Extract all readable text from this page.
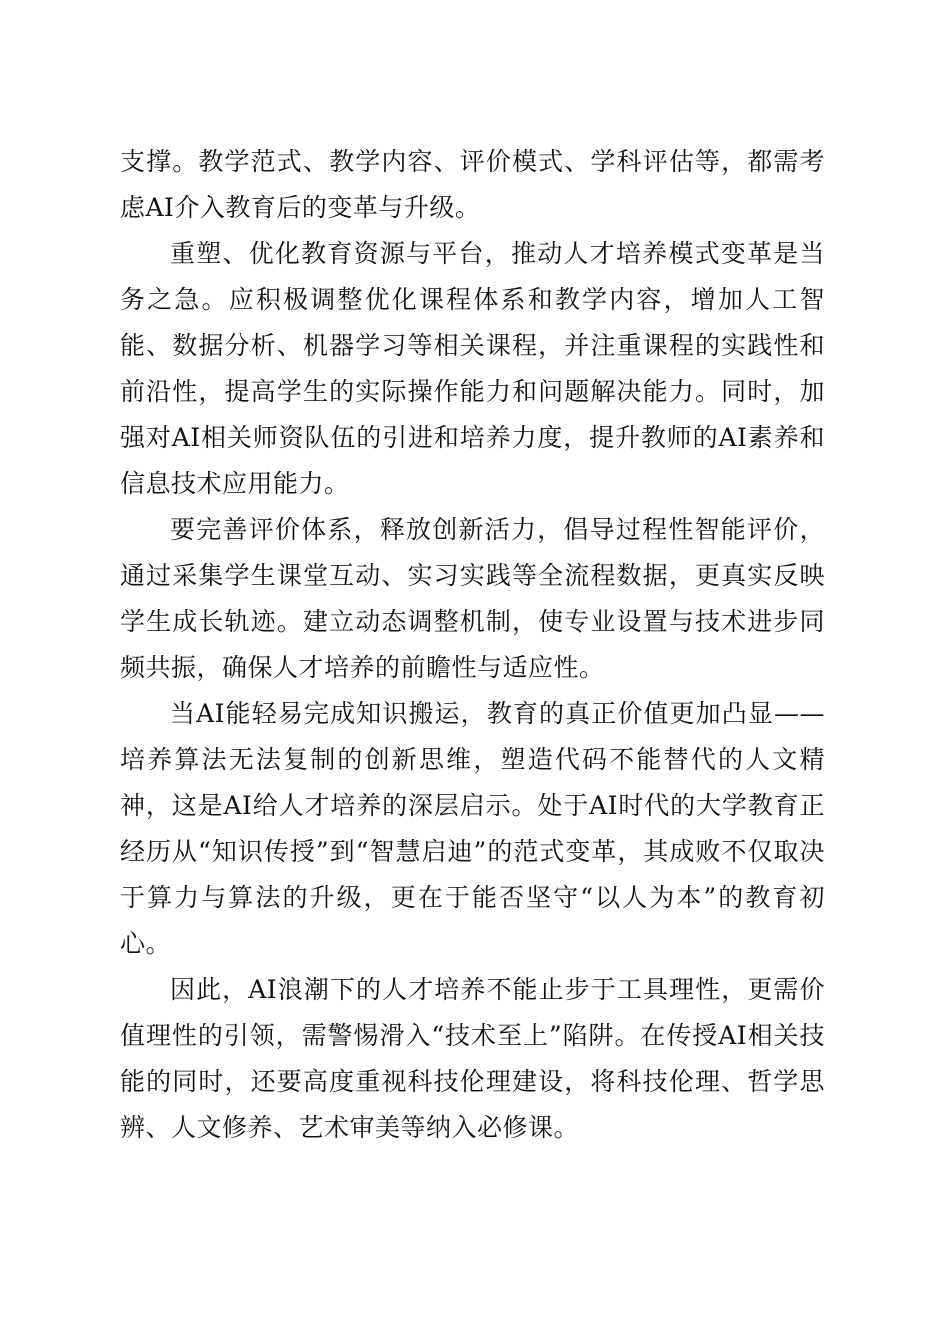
支撑。教学范式、教学内容、评价模式、学科评估等，都需考虑AI介入教育后的变革与升级。

重塑、优化教育资源与平台，推动人才培养模式变革是当务之急。应积极调整优化课程体系和教学内容，增加人工智能、数据分析、机器学习等相关课程，并注重课程的实践性和前沿性，提高学生的实际操作能力和问题解决能力。同时，加强对AI相关师资队伍的引进和培养力度，提升教师的AI素养和信息技术应用能力。

要完善评价体系，释放创新活力，倡导过程性智能评价，通过采集学生课堂互动、实习实践等全流程数据，更真实反映学生成长轨迹。建立动态调整机制，使专业设置与技术进步同频共振，确保人才培养的前瞻性与适应性。

当AI能轻易完成知识搬运，教育的真正价值更加凸显——培养算法无法复制的创新思维，塑造代码不能替代的人文精神，这是AI给人才培养的深层启示。处于AI时代的大学教育正经历从“知识传授”到“智慧启迪”的范式变革，其成败不仅取决于算力与算法的升级，更在于能否坚守“以人为本”的教育初心。

因此，AI浪潮下的人才培养不能止步于工具理性，更需价值理性的引领，需警惕滑入“技术至上”陷阱。在传授AI相关技能的同时，还要高度重视科技伦理建设，将科技伦理、哲学思辨、人文修养、艺术审美等纳入必修课。
